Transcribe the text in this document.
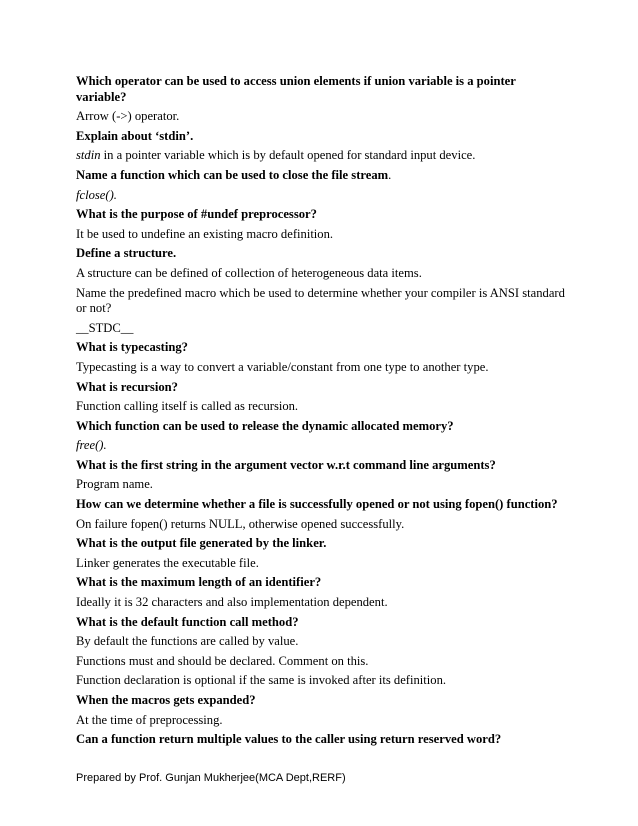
Which operator can be used to access union elements if union variable is a pointer variable?

Arrow (->) operator.

Explain about ‘stdin’.

stdin in a pointer variable which is by default opened for standard input device.

Name a function which can be used to close the file stream.

fclose().

What is the purpose of #undef preprocessor?

It be used to undefine an existing macro definition.

Define a structure.

A structure can be defined of collection of heterogeneous data items.

Name the predefined macro which be used to determine whether your compiler is ANSI standard or not?

__STDC__

What is typecasting?

Typecasting is a way to convert a variable/constant from one type to another type.

What is recursion?

Function calling itself is called as recursion.

Which function can be used to release the dynamic allocated memory?

free().

What is the first string in the argument vector w.r.t command line arguments?

Program name.

How can we determine whether a file is successfully opened or not using fopen() function?

On failure fopen() returns NULL, otherwise opened successfully.

What is the output file generated by the linker.

Linker generates the executable file.

What is the maximum length of an identifier?

Ideally it is 32 characters and also implementation dependent.

What is the default function call method?

By default the functions are called by value.

Functions must and should be declared. Comment on this.

Function declaration is optional if the same is invoked after its definition.

When the macros gets expanded?

At the time of preprocessing.

Can a function return multiple values to the caller using return reserved word?

Prepared by Prof. Gunjan Mukherjee(MCA Dept,RERF)
